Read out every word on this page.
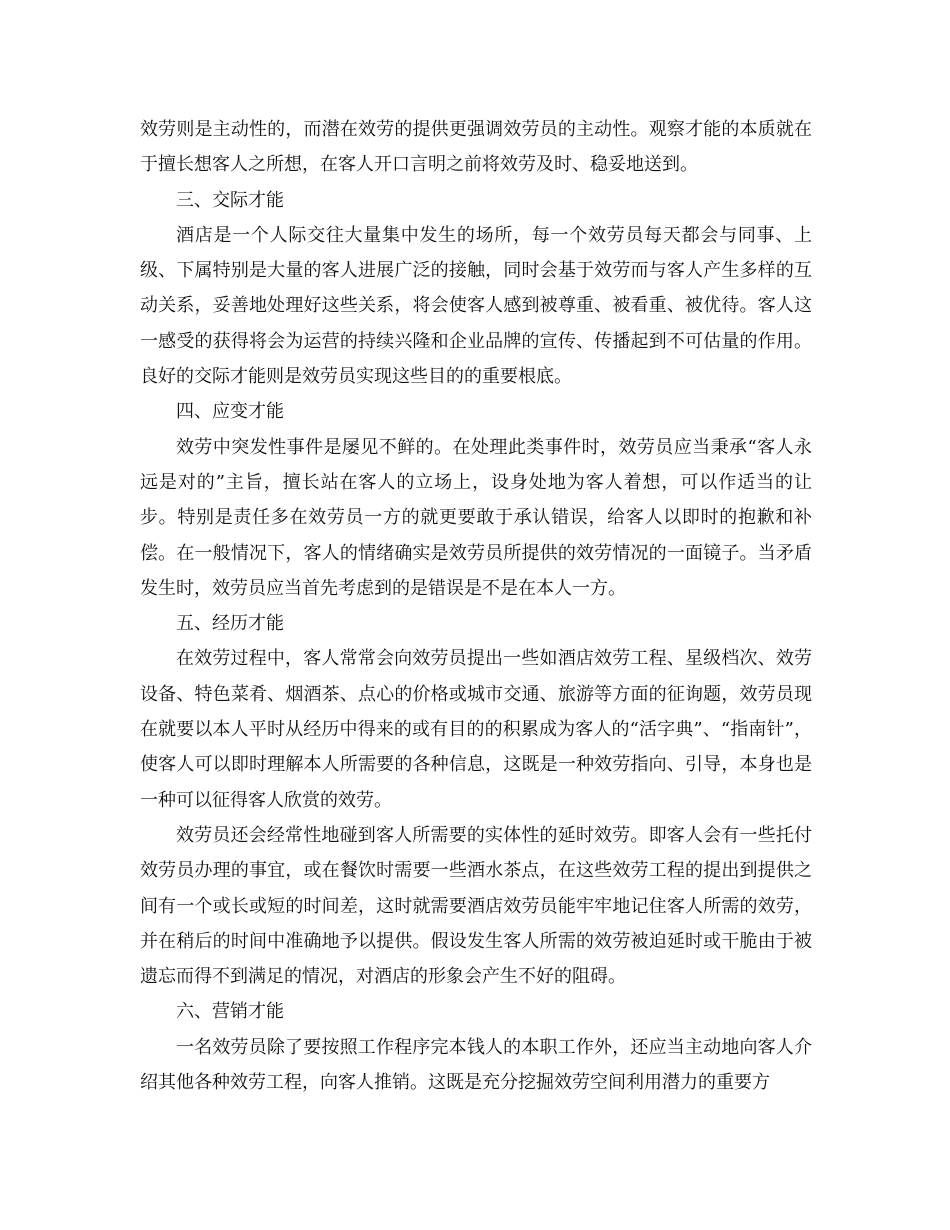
效劳则是主动性的，而潜在效劳的提供更强调效劳员的主动性。观察才能的本质就在于擅长想客人之所想，在客人开口言明之前将效劳及时、稳妥地送到。

三、交际才能

酒店是一个人际交往大量集中发生的场所，每一个效劳员每天都会与同事、上级、下属特别是大量的客人进展广泛的接触，同时会基于效劳而与客人产生多样的互动关系，妥善地处理好这些关系，将会使客人感到被尊重、被看重、被优待。客人这一感受的获得将会为运营的持续兴隆和企业品牌的宣传、传播起到不可估量的作用。良好的交际才能则是效劳员实现这些目的的重要根底。

四、应变才能

效劳中突发性事件是屡见不鲜的。在处理此类事件时，效劳员应当秉承“客人永远是对的”主旨，擅长站在客人的立场上，设身处地为客人着想，可以作适当的让步。特别是责任多在效劳员一方的就更要敢于承认错误，给客人以即时的抱歉和补偿。在一般情况下，客人的情绪确实是效劳员所提供的效劳情况的一面镜子。当矛盾发生时，效劳员应当首先考虑到的是错误是不是在本人一方。

五、经历才能

在效劳过程中，客人常常会向效劳员提出一些如酒店效劳工程、星级档次、效劳设备、特色菜肴、烟酒茶、点心的价格或城市交通、旅游等方面的征询题，效劳员现在就要以本人平时从经历中得来的或有目的的积累成为客人的“活字典”、“指南针”，使客人可以即时理解本人所需要的各种信息，这既是一种效劳指向、引导，本身也是一种可以征得客人欣赏的效劳。

效劳员还会经常性地碰到客人所需要的实体性的延时效劳。即客人会有一些托付效劳员办理的事宜，或在餐饮时需要一些酒水茶点，在这些效劳工程的提出到提供之间有一个或长或短的时间差，这时就需要酒店效劳员能牢牢地记住客人所需的效劳，并在稍后的时间中准确地予以提供。假设发生客人所需的效劳被迫延时或干脆由于被遗忘而得不到满足的情况，对酒店的形象会产生不好的阻碍。

六、营销才能

一名效劳员除了要按照工作程序完本钱人的本职工作外，还应当主动地向客人介绍其他各种效劳工程，向客人推销。这既是充分挖掘效劳空间利用潜力的重要方
